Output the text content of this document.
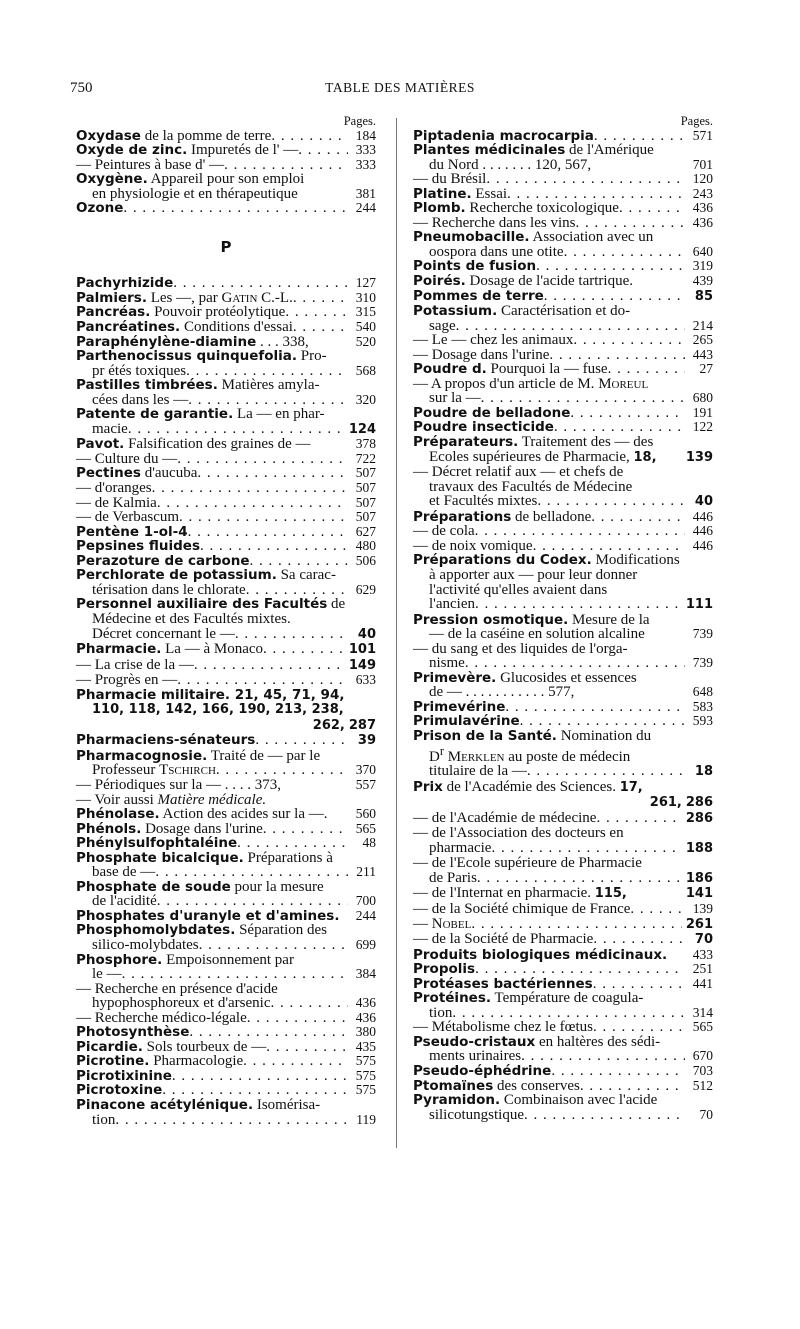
750	TABLE DES MATIÈRES
Pages.
Oxydase de la pomme de terre . . .	184
Oxyde de zinc. Impuretés de l' — . . .	333
— Peintures à base d' — . . .	333
Oxygène. Appareil pour son emploi
en physiologie et en thérapeutique	381
Ozone . . .	244
P
Pachyrhizide . . .	127
Palmiers. Les —, par Gatin C.-L. . . .	310
Pancréas. Pouvoir protéolytique . . .	315
Pancréatines. Conditions d'essai . . .	540
Paraphénylène-diamine . . . 338,	520
Parthenocissus quinquefolia. Pro-
pr étés toxiques . . .	568
Pastilles timbrées. Matières amyla-
cées dans les — . . .	320
Patente de garantie. La — en phar-
macie . . .	124
Pavot. Falsification des graines de —	378
— Culture du — . . .	722
Pectines d'aucuba . . .	507
— d'oranges . . .	507
— de Kalmia . . .	507
— de Verbascum . . .	507
Pentène 1-ol-4 . . .	627
Pepsines fluides . . .	480
Perazoture de carbone . . .	506
Perchlorate de potassium. Sa carac-
térisation dans le chlorate . . .	629
Personnel auxiliaire des Facultés de
Médecine et des Facultés mixtes.
Décret concernant le — . . .	40
Pharmacie. La — à Monaco . . .	101
— La crise de la — . . .	149
— Progrès en — . . .	633
Pharmacie militaire. 21, 45, 71, 94,
110, 118, 142, 166, 190, 213, 238,
262, 287
Pharmaciens-sénateurs . . .	39
Pharmacognosie. Traité de — par le
Professeur Tschirch . . .	370
— Périodiques sur la — . . . . 373,	557
— Voir aussi Matière médicale.
Phénolase. Action des acides sur la —.	560
Phénols. Dosage dans l'urine . . .	565
Phénylsulfophtaléine . . .	48
Phosphate bicalcique. Préparations à
base de — . . .	211
Phosphate de soude pour la mesure
de l'acidité . . .	700
Phosphates d'uranyle et d'amines.	244
Phosphomolybdates. Séparation des
silico-molybdates . . .	699
Phosphore. Empoisonnement par
le — . . .	384
— Recherche en présence d'acide
hypophosphoreux et d'arsenic . . .	436
— Recherche médico-légale . . .	436
Photosynthèse . . .	380
Picardie. Sols tourbeux de — . . .	435
Picrotine. Pharmacologie . . .	575
Picrotixinine . . .	575
Picrotoxine . . .	575
Pinacone acétylénique. Isomérisa-
tion . . .	119
Pages.
Piptadenia macrocarpia . . .	571
Plantes médicinales de l'Amérique
du Nord . . . . . . . 120, 567,	701
— du Brésil . . .	120
Platine. Essai . . .	243
Plomb. Recherche toxicologique . . .	436
— Recherche dans les vins . . .	436
Pneumobacille. Association avec un
oospora dans une otite . . .	640
Points de fusion . . .	319
Poirés. Dosage de l'acide tartrique.	439
Pommes de terre . . .	85
Potassium. Caractérisation et do-
sage . . .	214
— Le — chez les animaux . . .	265
— Dosage dans l'urine . . .	443
Poudre d. Pourquoi la — fuse . . .	27
— A propos d'un article de M. Moreul
sur la — . . .	680
Poudre de belladone . . .	191
Poudre insecticide . . .	122
Préparateurs. Traitement des — des
Ecoles supérieures de Pharmacie, 18,	139
— Décret relatif aux — et chefs de
travaux des Facultés de Médecine
et Facultés mixtes . . .	40
Préparations de belladone . . .	446
— de cola . . .	446
— de noix vomique . . .	446
Préparations du Codex. Modifications
à apporter aux — pour leur donner
l'activité qu'elles avaient dans
l'ancien . . .	111
Pression osmotique. Mesure de la
— de la caséine en solution alcaline	739
— du sang et des liquides de l'orga-
nisme . . .	739
Primevère. Glucosides et essences
de — . . . . . . . . . . . 577,	648
Primevérine . . .	583
Primulavérine . . .	593
Prison de la Santé. Nomination du
$D^r$ Merklen au poste de médecin
titulaire de la — . . .	18
Prix de l'Académie des Sciences. 17,
261, 286
— de l'Académie de médecine . . .	286
— de l'Association des docteurs en
pharmacie . . .	188
— de l'Ecole supérieure de Pharmacie
de Paris . . .	186
— de l'Internat en pharmacie. 115,	141
— de la Société chimique de France . . .	139
— Nobel . . .	261
— de la Société de Pharmacie . . .	70
Produits biologiques médicinaux.	433
Propolis . . .	251
Protéases bactériennes . . .	441
Protéines. Température de coagula-
tion . . .	314
— Métabolisme chez le fœtus . . .	565
Pseudo-cristaux en haltères des sédi-
ments urinaires . . .	670
Pseudo-éphédrine . . .	703
Ptomaïnes des conserves . . .	512
Pyramidon. Combinaison avec l'acide
silicotungstique . . .	70
